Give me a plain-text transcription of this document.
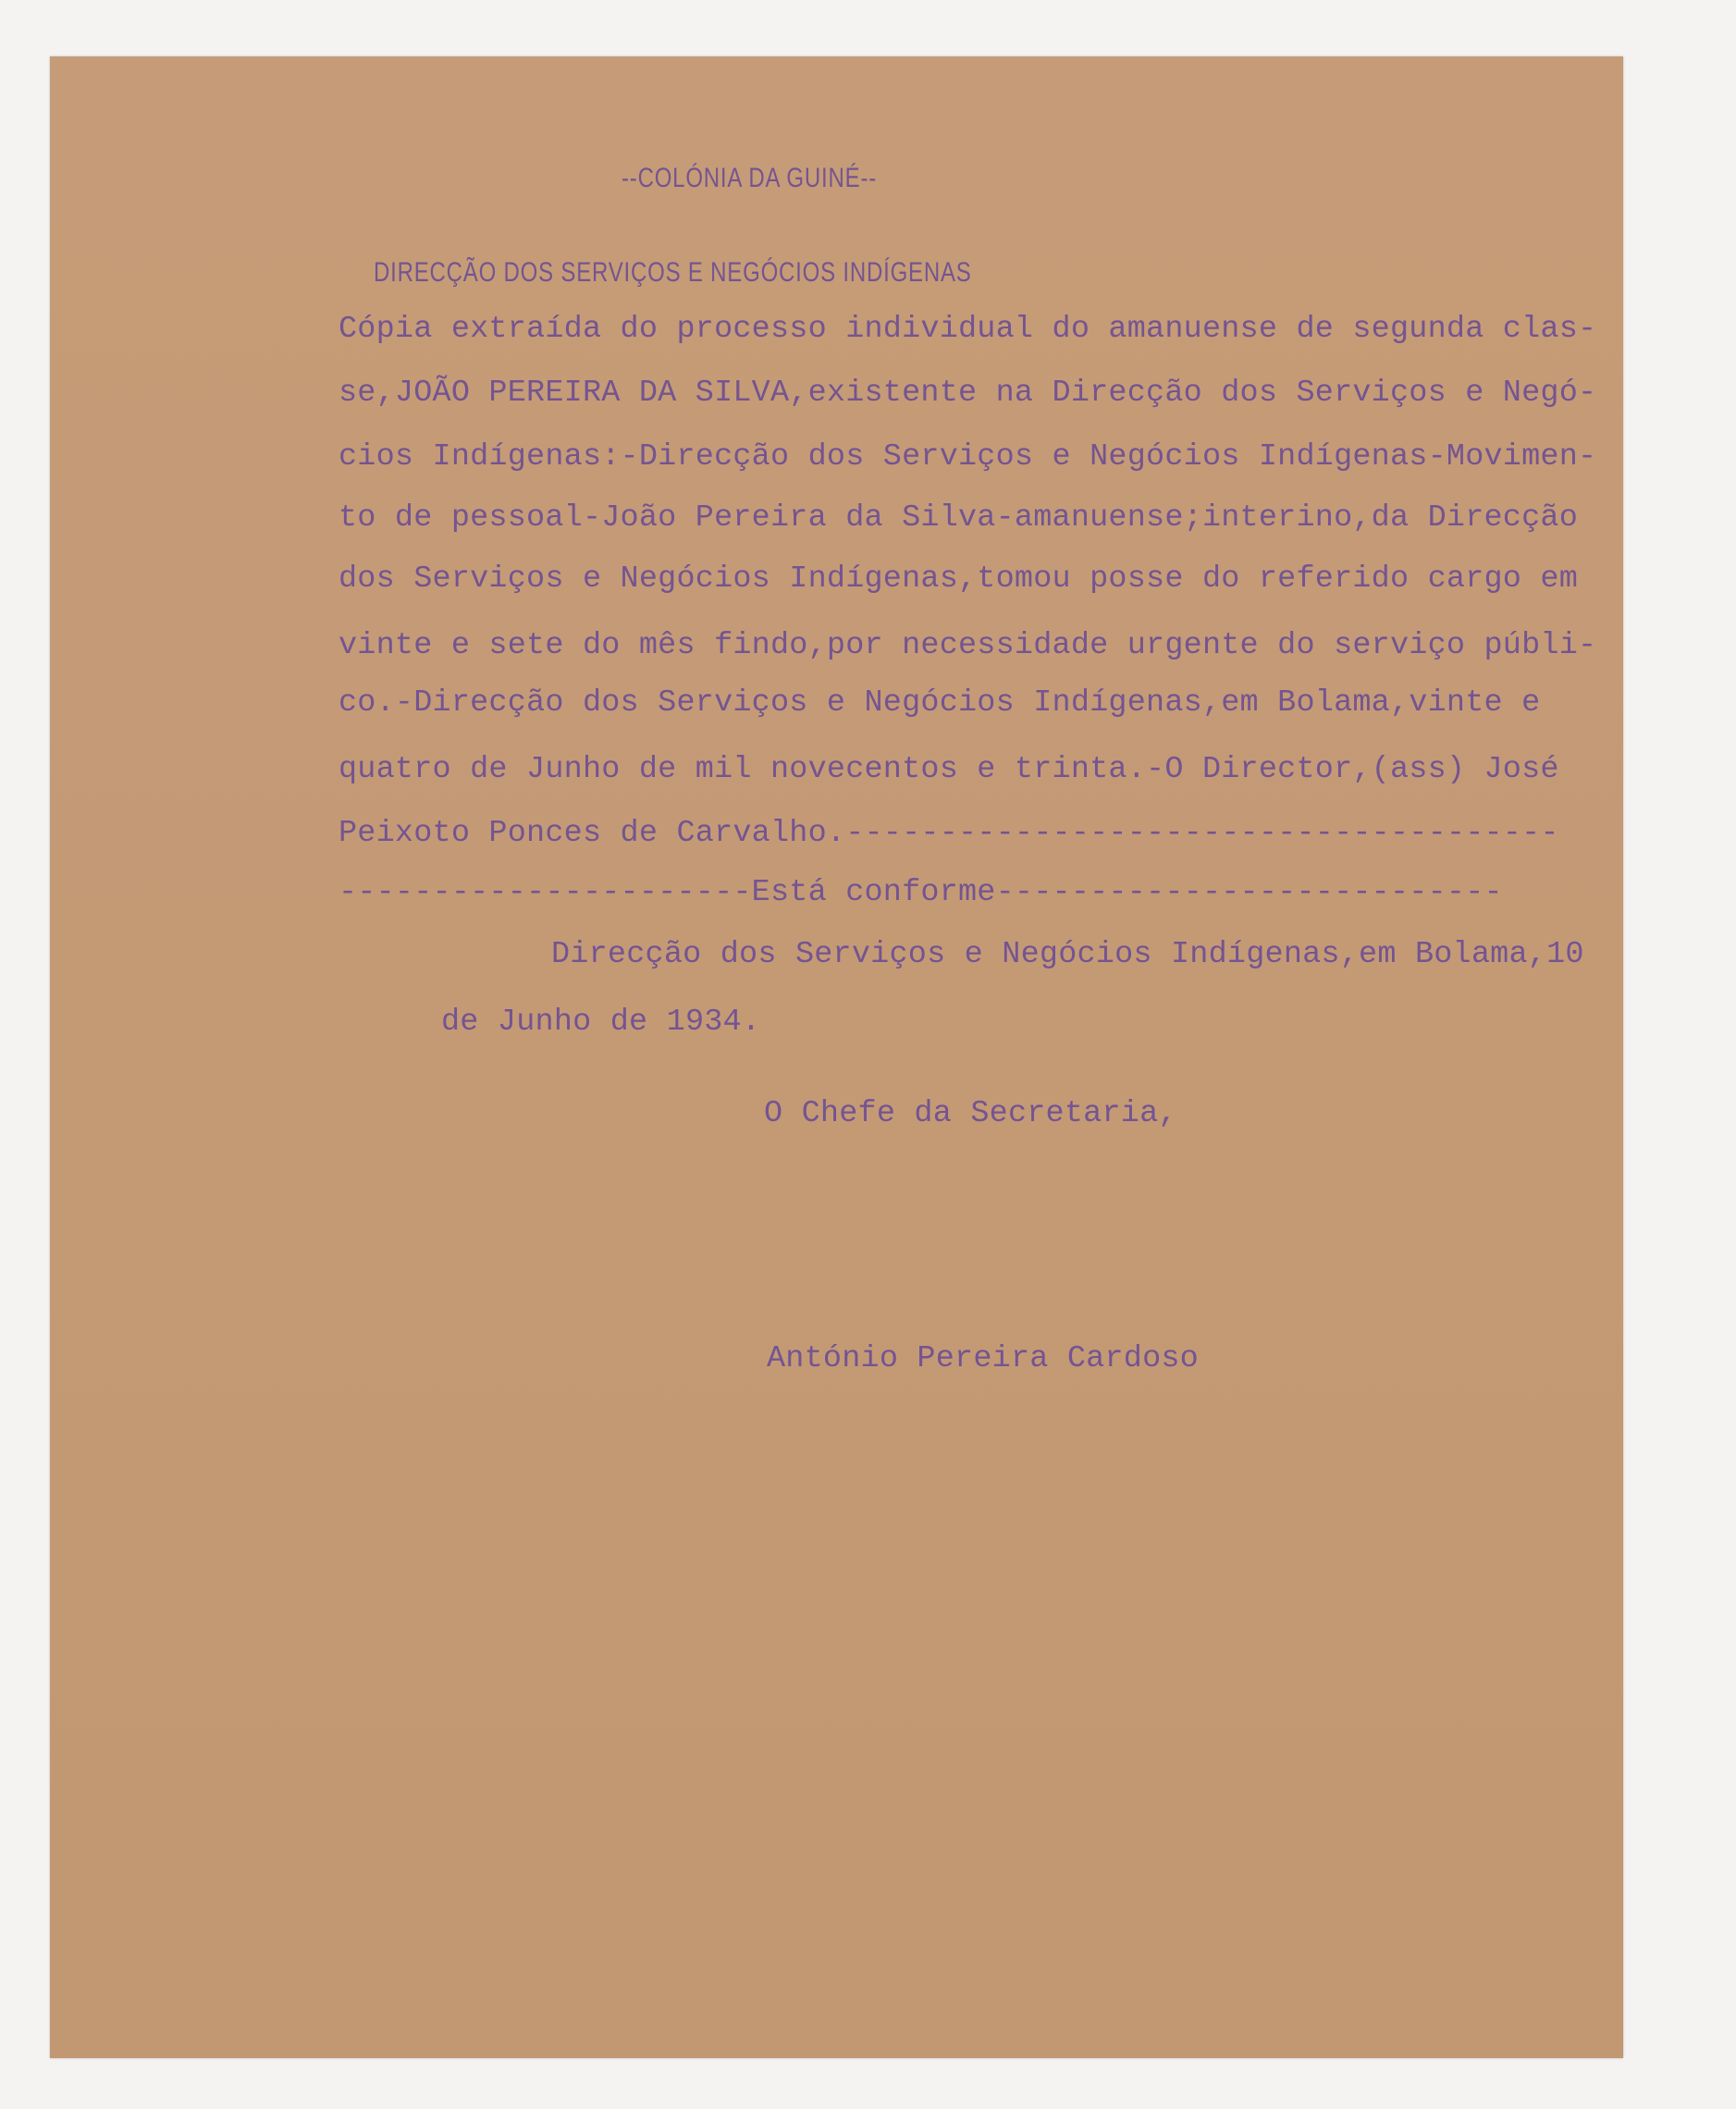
--COLÓNIA DA GUINÉ--
DIRECÇÃO DOS SERVIÇOS E NEGÓCIOS INDÍGENAS
Cópia extraída do processo individual do amanuense de segunda clas-
se,JOÃO PEREIRA DA SILVA,existente na Direcção dos Serviços e Negó-
cios Indígenas:-Direcção dos Serviços e Negócios Indígenas-Movimen-
to de pessoal-João Pereira da Silva-amanuense;interino,da Direcção
dos Serviços e Negócios Indígenas,tomou posse do referido cargo em
vinte e sete do mês findo,por necessidade urgente do serviço públi-
co.-Direcção dos Serviços e Negócios Indígenas,em Bolama,vinte e
quatro de Junho de mil novecentos e trinta.-O Director,(ass) José
Peixoto Ponces de Carvalho.--------------------------------------
----------------------Está conforme---------------------------
Direcção dos Serviços e Negócios Indígenas,em Bolama,10
de Junho de 1934.
O Chefe da Secretaria,
António Pereira Cardoso
